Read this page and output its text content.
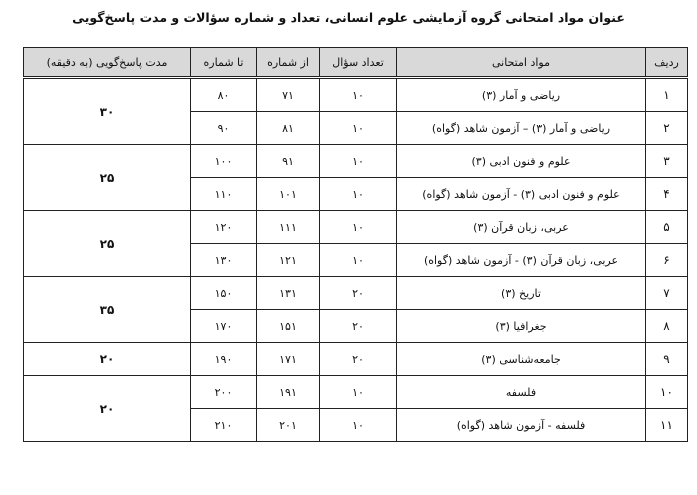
عنوان مواد امتحانی گروه آزمایشی علوم انسانی، تعداد و شماره سؤالات و مدت پاسخ‌گویی
ردیف	مواد امتحانی	تعداد سؤال	از شماره	تا شماره	مدت پاسخ‌گویی (به دقیقه)
۱	ریاضی و آمار (۳)	۱۰	۷۱	۸۰	۳۰
۲	ریاضی و آمار (۳) – آزمون شاهد (گواه)	۱۰	۸۱	۹۰	
۳	علوم و فنون ادبی (۳)	۱۰	۹۱	۱۰۰	۲۵
۴	علوم و فنون ادبی (۳) - آزمون شاهد (گواه)	۱۰	۱۰۱	۱۱۰	
۵	عربی، زبان قرآن (۳)	۱۰	۱۱۱	۱۲۰	۲۵
۶	عربی، زبان قرآن (۳) - آزمون شاهد (گواه)	۱۰	۱۲۱	۱۳۰	
۷	تاریخ (۳)	۲۰	۱۳۱	۱۵۰	۳۵
۸	جغرافیا (۳)	۲۰	۱۵۱	۱۷۰	
۹	جامعه‌شناسی (۳)	۲۰	۱۷۱	۱۹۰	۲۰
۱۰	فلسفه	۱۰	۱۹۱	۲۰۰	۲۰
۱۱	فلسفه - آزمون شاهد (گواه)	۱۰	۲۰۱	۲۱۰	
